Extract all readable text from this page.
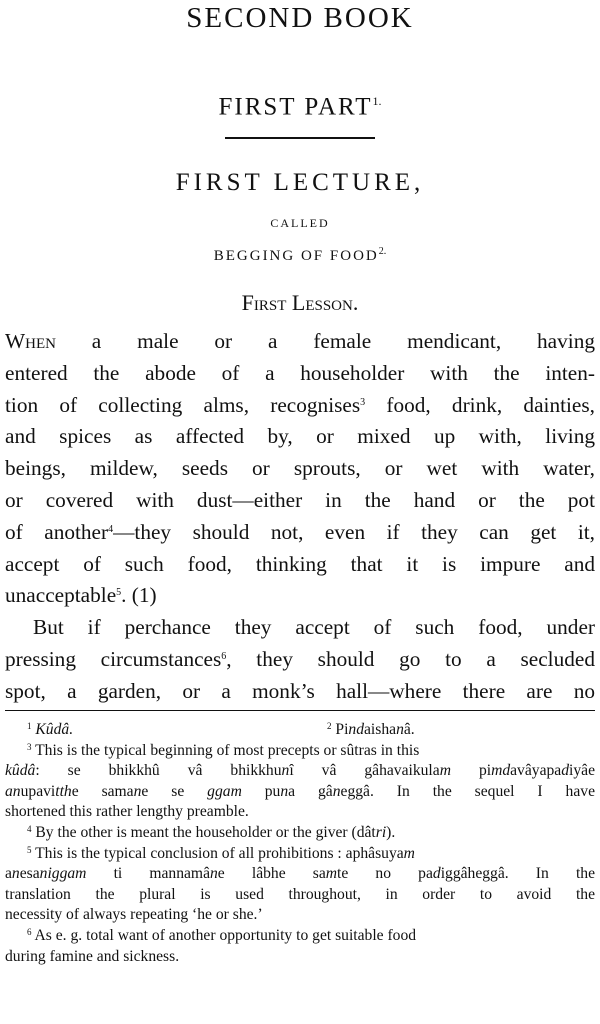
SECOND BOOK
FIRST $PART^{1.}$
FIRST LECTURE,
CALLED
BEGGING OF $FOOD^{2.}$
First Lesson.
When a male or a female mendicant, having
entered the abode of a householder with the inten-
tion of collecting alms, recognises$^3$ food, drink, dainties,
and spices as affected by, or mixed up with, living
beings, mildew, seeds or sprouts, or wet with water,
or covered with dust—either in the hand or the pot
of another$^4$—they should not, even if they can get it,
accept of such food, thinking that it is impure and
unacceptable$^5$. (1)
But if perchance they accept of such food, under
pressing circumstances$^6$, they should go to a secluded
spot, a garden, or a monk’s hall—where there are no
$^1$ Kûdâ.	$^2$ Pindaishanâ.
$^3$ This is the typical beginning of most precepts or sûtras in this
kûdâ: se bhikkhû vâ bhikkhunî vâ gâhavaikulam pimdavâyapadiyâe
anupavitthe samane se ggam puna gâneggâ. In the sequel I have
shortened this rather lengthy preamble.
$^4$ By the other is meant the householder or the giver (dâtri).
$^5$ This is the typical conclusion of all prohibitions : aphâsuyam
anesaniggam ti mannamâne lâbhe samte no padiggâheggâ. In the
translation the plural is used throughout, in order to avoid the
necessity of always repeating ‘he or she.’
$^6$ As e. g. total want of another opportunity to get suitable food
during famine and sickness.
